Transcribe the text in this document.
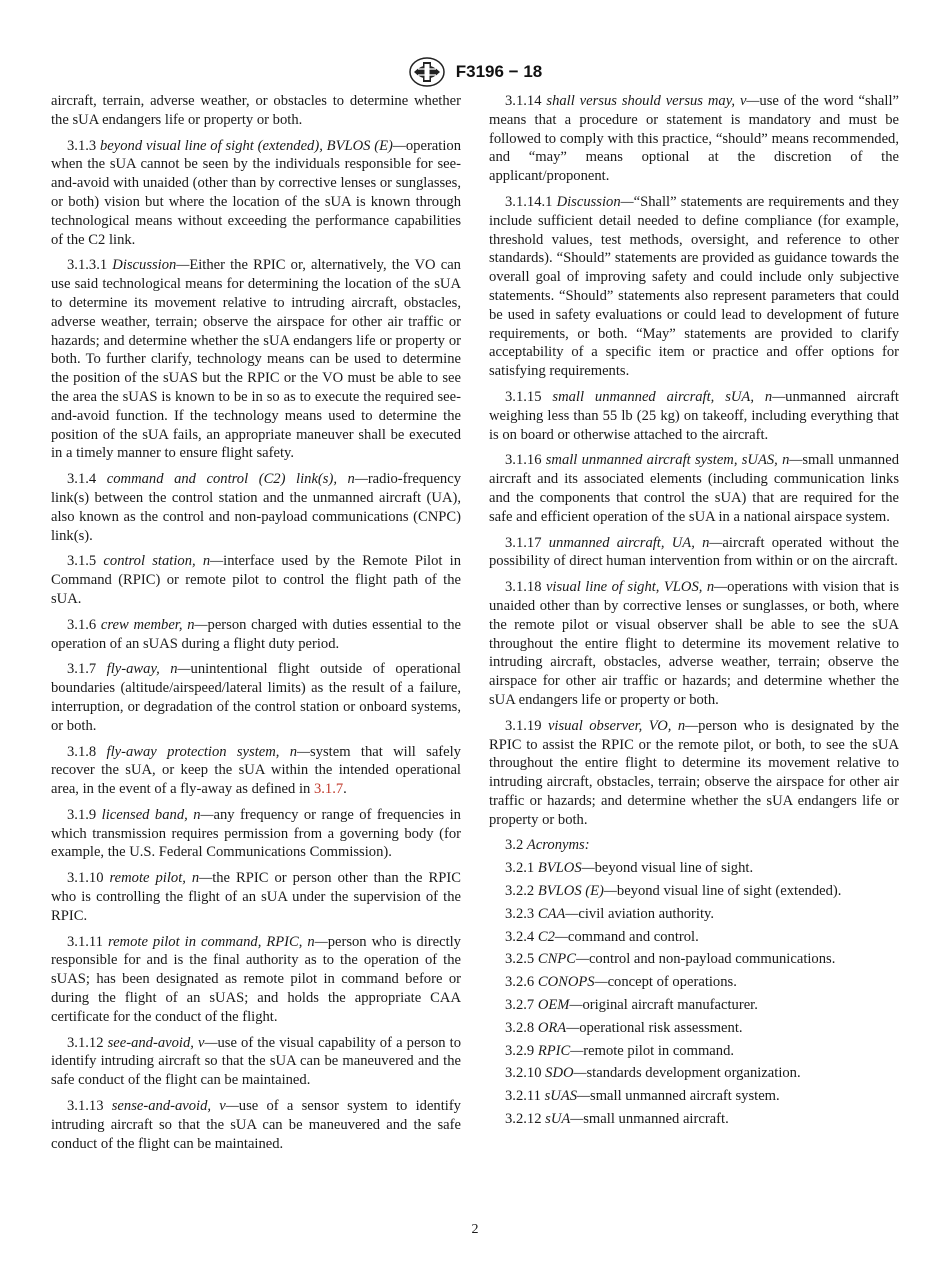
F3196 − 18

aircraft, terrain, adverse weather, or obstacles to determine whether the sUA endangers life or property or both.

3.1.3 beyond visual line of sight (extended), BVLOS (E)—operation when the sUA cannot be seen by the individuals responsible for see-and-avoid with unaided (other than by corrective lenses or sunglasses, or both) vision but where the location of the sUA is known through technological means without exceeding the performance capabilities of the C2 link.

3.1.3.1 Discussion—Either the RPIC or, alternatively, the VO can use said technological means for determining the location of the sUA to determine its movement relative to intruding aircraft, obstacles, adverse weather, terrain; observe the airspace for other air traffic or hazards; and determine whether the sUA endangers life or property or both. To further clarify, technology means can be used to determine the position of the sUAS but the RPIC or the VO must be able to see the area the sUAS is known to be in so as to execute the required see-and-avoid function. If the technology means used to determine the position of the sUA fails, an appropriate maneuver shall be executed in a timely manner to ensure flight safety.

3.1.4 command and control (C2) link(s), n—radio-frequency link(s) between the control station and the unmanned aircraft (UA), also known as the control and non-payload communications (CNPC) link(s).

3.1.5 control station, n—interface used by the Remote Pilot in Command (RPIC) or remote pilot to control the flight path of the sUA.

3.1.6 crew member, n—person charged with duties essential to the operation of an sUAS during a flight duty period.

3.1.7 fly-away, n—unintentional flight outside of operational boundaries (altitude/airspeed/lateral limits) as the result of a failure, interruption, or degradation of the control station or onboard systems, or both.

3.1.8 fly-away protection system, n—system that will safely recover the sUA, or keep the sUA within the intended operational area, in the event of a fly-away as defined in 3.1.7.

3.1.9 licensed band, n—any frequency or range of frequencies in which transmission requires permission from a governing body (for example, the U.S. Federal Communications Commission).

3.1.10 remote pilot, n—the RPIC or person other than the RPIC who is controlling the flight of an sUA under the supervision of the RPIC.

3.1.11 remote pilot in command, RPIC, n—person who is directly responsible for and is the final authority as to the operation of the sUAS; has been designated as remote pilot in command before or during the flight of an sUAS; and holds the appropriate CAA certificate for the conduct of the flight.

3.1.12 see-and-avoid, v—use of the visual capability of a person to identify intruding aircraft so that the sUA can be maneuvered and the safe conduct of the flight can be maintained.

3.1.13 sense-and-avoid, v—use of a sensor system to identify intruding aircraft so that the sUA can be maneuvered and the safe conduct of the flight can be maintained.

3.1.14 shall versus should versus may, v—use of the word “shall” means that a procedure or statement is mandatory and must be followed to comply with this practice, “should” means recommended, and “may” means optional at the discretion of the applicant/proponent.

3.1.14.1 Discussion—“Shall” statements are requirements and they include sufficient detail needed to define compliance (for example, threshold values, test methods, oversight, and reference to other standards). “Should” statements are provided as guidance towards the overall goal of improving safety and could include only subjective statements. “Should” statements also represent parameters that could be used in safety evaluations or could lead to development of future requirements, or both. “May” statements are provided to clarify acceptability of a specific item or practice and offer options for satisfying requirements.

3.1.15 small unmanned aircraft, sUA, n—unmanned aircraft weighing less than 55 lb (25 kg) on takeoff, including everything that is on board or otherwise attached to the aircraft.

3.1.16 small unmanned aircraft system, sUAS, n—small unmanned aircraft and its associated elements (including communication links and the components that control the sUA) that are required for the safe and efficient operation of the sUA in a national airspace system.

3.1.17 unmanned aircraft, UA, n—aircraft operated without the possibility of direct human intervention from within or on the aircraft.

3.1.18 visual line of sight, VLOS, n—operations with vision that is unaided other than by corrective lenses or sunglasses, or both, where the remote pilot or visual observer shall be able to see the sUA throughout the entire flight to determine its movement relative to intruding aircraft, obstacles, adverse weather, terrain; observe the airspace for other air traffic or hazards; and determine whether the sUA endangers life or property or both.

3.1.19 visual observer, VO, n—person who is designated by the RPIC to assist the RPIC or the remote pilot, or both, to see the sUA throughout the entire flight to determine its movement relative to intruding aircraft, obstacles, terrain; observe the airspace for other air traffic or hazards; and determine whether the sUA endangers life or property or both.

3.2 Acronyms:

3.2.1 BVLOS—beyond visual line of sight.

3.2.2 BVLOS (E)—beyond visual line of sight (extended).

3.2.3 CAA—civil aviation authority.

3.2.4 C2—command and control.

3.2.5 CNPC—control and non-payload communications.

3.2.6 CONOPS—concept of operations.

3.2.7 OEM—original aircraft manufacturer.

3.2.8 ORA—operational risk assessment.

3.2.9 RPIC—remote pilot in command.

3.2.10 SDO—standards development organization.

3.2.11 sUAS—small unmanned aircraft system.

3.2.12 sUA—small unmanned aircraft.

2
